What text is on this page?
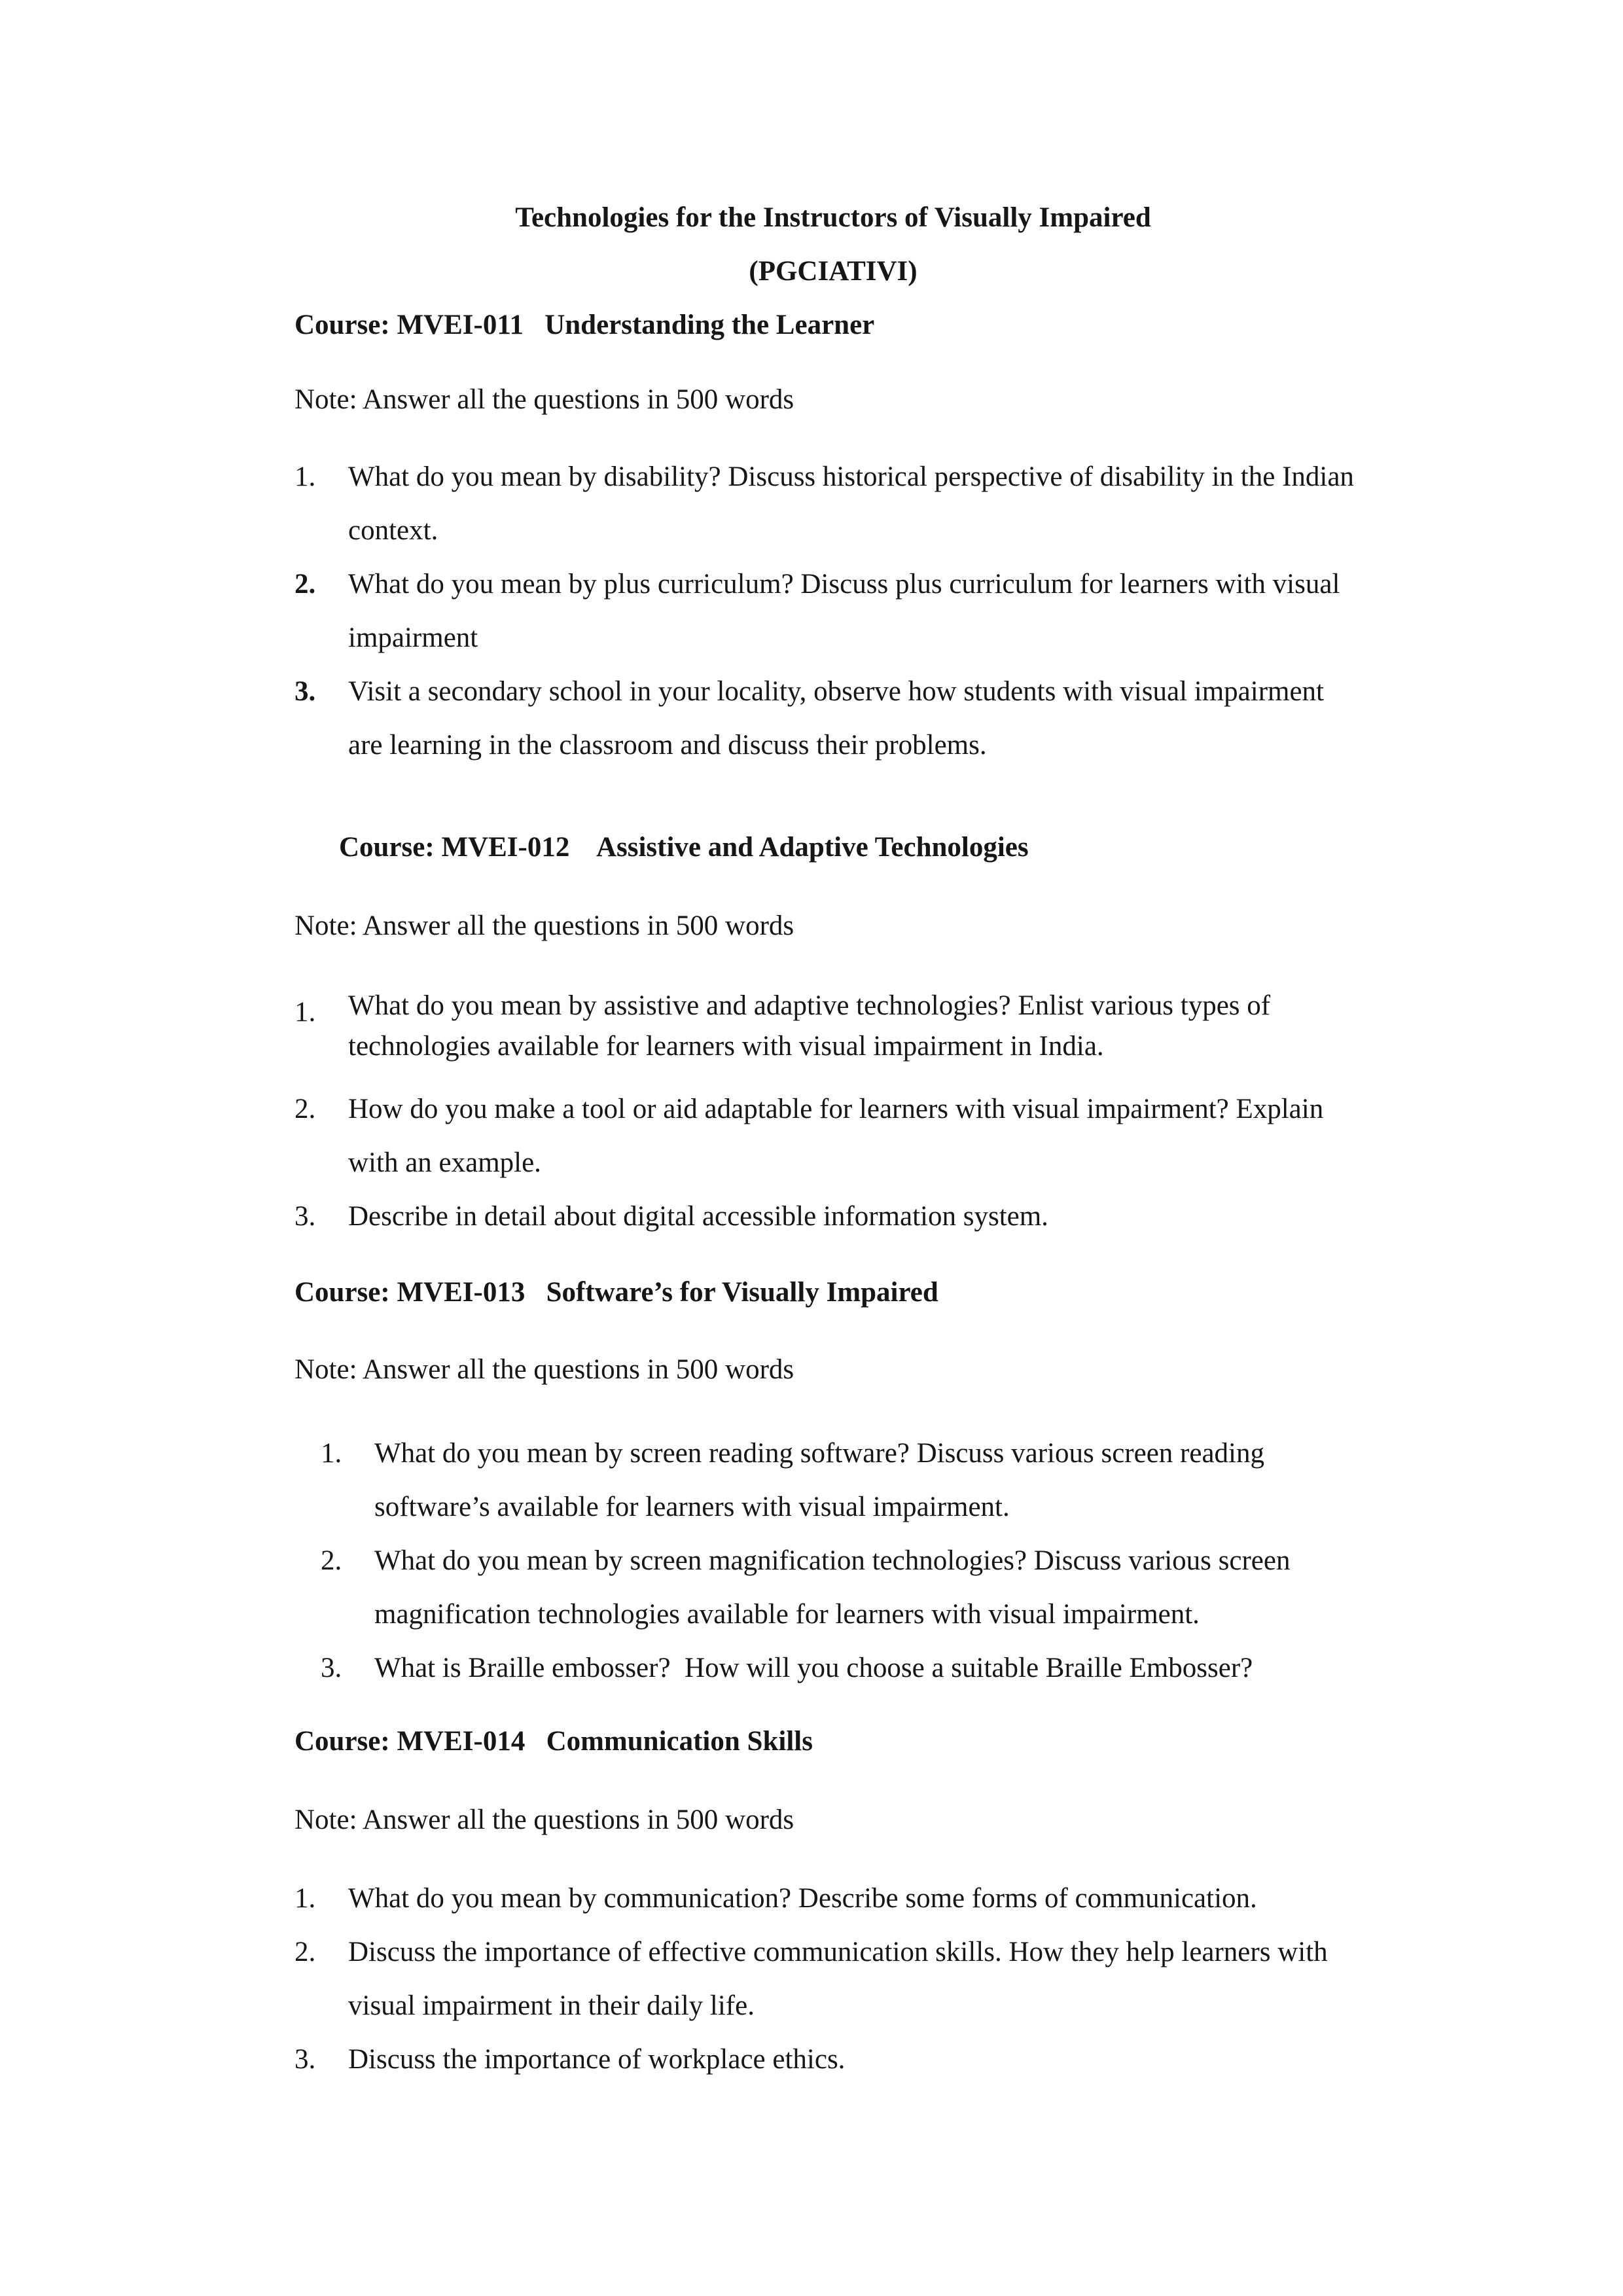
Technologies for the Instructors of Visually Impaired
(PGCIATIVI)
Course: MVEI-011   Understanding the Learner

Note: Answer all the questions in 500 words

1.	What do you mean by disability? Discuss historical perspective of disability in the Indian
context.
2.	What do you mean by plus curriculum? Discuss plus curriculum for learners with visual
impairment
3.	Visit a secondary school in your locality, observe how students with visual impairment
are learning in the classroom and discuss their problems.
Course: MVEI-012    Assistive and Adaptive Technologies

Note: Answer all the questions in 500 words

1.	What do you mean by assistive and adaptive technologies? Enlist various types of
technologies available for learners with visual impairment in India.
2.	How do you make a tool or aid adaptable for learners with visual impairment? Explain
with an example.
3.	Describe in detail about digital accessible information system.
Course: MVEI-013   Software’s for Visually Impaired

Note: Answer all the questions in 500 words

1.	What do you mean by screen reading software? Discuss various screen reading
software’s available for learners with visual impairment.
2.	What do you mean by screen magnification technologies? Discuss various screen
magnification technologies available for learners with visual impairment.
3.	What is Braille embosser?  How will you choose a suitable Braille Embosser?
Course: MVEI-014   Communication Skills

Note: Answer all the questions in 500 words

1.	What do you mean by communication? Describe some forms of communication.
2.	Discuss the importance of effective communication skills. How they help learners with
visual impairment in their daily life.
3.	Discuss the importance of workplace ethics.
